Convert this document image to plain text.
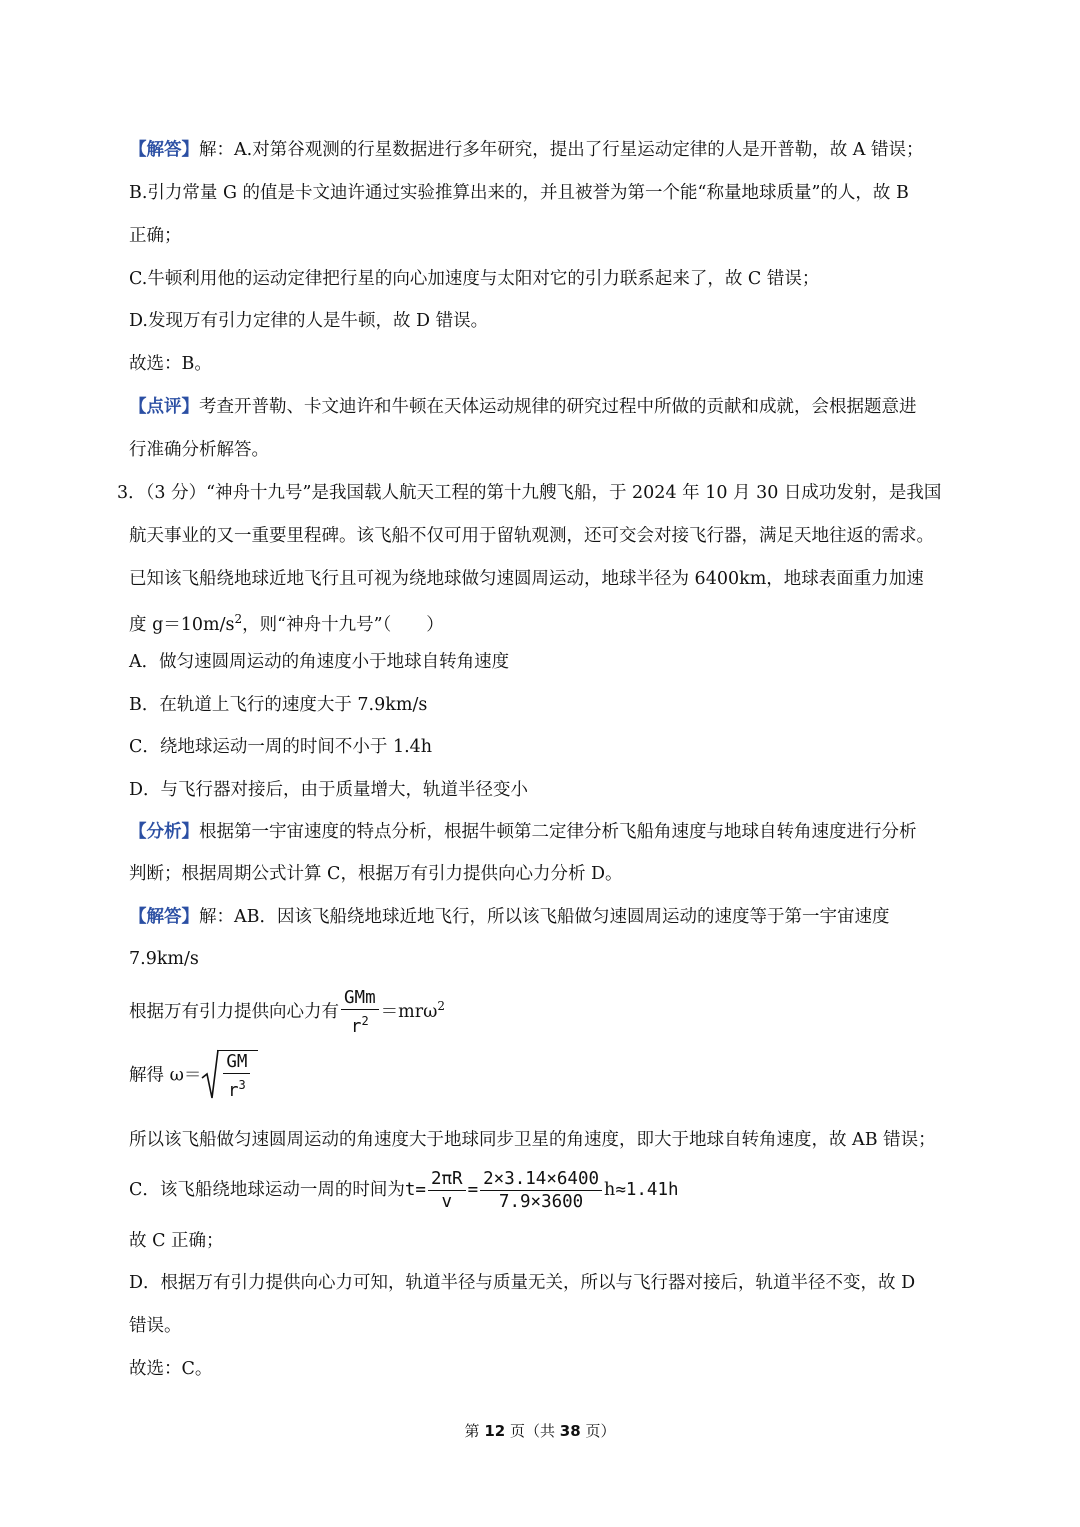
【解答】解：A.对第谷观测的行星数据进行多年研究，提出了行星运动定律的人是开普勒，故 A 错误；
B.引力常量 G 的值是卡文迪许通过实验推算出来的，并且被誉为第一个能“称量地球质量”的人，故 B
正确；
C.牛顿利用他的运动定律把行星的向心加速度与太阳对它的引力联系起来了，故 C 错误；
D.发现万有引力定律的人是牛顿，故 D 错误。
故选：B。
【点评】考查开普勒、卡文迪许和牛顿在天体运动规律的研究过程中所做的贡献和成就，会根据题意进
行准确分析解答。
3．（3 分）“神舟十九号”是我国载人航天工程的第十九艘飞船，于 2024 年 10 月 30 日成功发射，是我国
航天事业的又一重要里程碑。该飞船不仅可用于留轨观测，还可交会对接飞行器，满足天地往返的需求。
已知该飞船绕地球近地飞行且可视为绕地球做匀速圆周运动，地球半径为 6400km，地球表面重力加速
度 $g=10m/s^2$，则“神舟十九号”（　　）
A．做匀速圆周运动的角速度小于地球自转角速度
B．在轨道上飞行的速度大于 7.9km/s
C．绕地球运动一周的时间不小于 1.4h
D．与飞行器对接后，由于质量增大，轨道半径变小
【分析】根据第一宇宙速度的特点分析，根据牛顿第二定律分析飞船角速度与地球自转角速度进行分析
判断；根据周期公式计算 C，根据万有引力提供向心力分析 D。
【解答】解：AB．因该飞船绕地球近地飞行，所以该飞船做匀速圆周运动的速度等于第一宇宙速度
7.9km/s
根据万有引力提供向心力有 $\frac{\text{GMm}}{r^2} =mr\omega^2$
解得 $\omega= \frac{GM}{r^3}$
所以该飞船做匀速圆周运动的角速度大于地球同步卫星的角速度，即大于地球自转角速度，故 AB 错误；
C．该飞船绕地球运动一周的时间为$t= \frac{2\pi R}{v} = \frac{2\times 3.14\times 6400}{7.9\times 3600} h\approx 1.41h$
故 C 正确；
D．根据万有引力提供向心力可知，轨道半径与质量无关，所以与飞行器对接后，轨道半径不变，故 D
错误。
故选：C。
第 12 页（共 38 页）
